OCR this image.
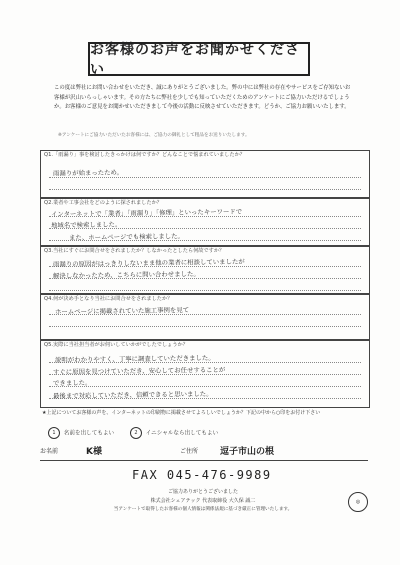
お客様のお声をお聞かせください
この度は弊社にお問い合わせをいただき、誠にありがとうございました。弊の中には弊社の存在やサービスをご存知ないお客様が沢山いらっしゃいます。その方たちに弊社を少しでも知っていただくためのアンケートにご協力いただけるでしょうか。お客様のご意見をお聞かせいただきまして今後の活動に反映させていただきます。どうか、ご協力お願いいたします。
※アンケートにご協力いただいたお客様には、ご協力の御礼として粗品をお送りいたします。
Q1.「雨漏り」事を検討したきっかけは何ですか？どんなことで悩まれていましたか？
雨漏りが始まったため。
Q2.業者や工事会社をどのように探されましたか？
インターネットで「業者」「雨漏り」「修理」といったキーワードで
地域名で検索しました。
また、ホームページでも検索しました。
Q3.当社にすぐにお問合せをされましたか？しなかったとしたら何故ですか？
雨漏りの原因がはっきりしないまま他の業者に相談していましたが
解決しなかったため、こちらに問い合わせました。
Q4.何が決め手となり当社にお問合せをされましたか？
ホームページに掲載されていた施工事例を見て
Q5.実際に当社担当者がお伺いしていかがでしたでしょうか？
説明がわかりやすく、丁寧に調査していただきました。
すぐに原因を見つけていただき、安心してお任せすることが
できました。
最後まで対応していただき、信頼できると思いました。
★上記についてお客様の声を、インターネットの印刷物に掲載させてよろしいでしょうか？下記の中から○印をお付け下さい
1 名前を出してもよい	2 イニシャルなら出してもよい
お名前	K様	ご住所 逗子市山の根
FAX 045-476-9989
ご協力ありがとうございました
株式会社シェアテック 代表取締役 大久保 誠二
当アンケートで取得したお客様の個人情報は関係法規に基づき厳正に管理いたします。
◎
